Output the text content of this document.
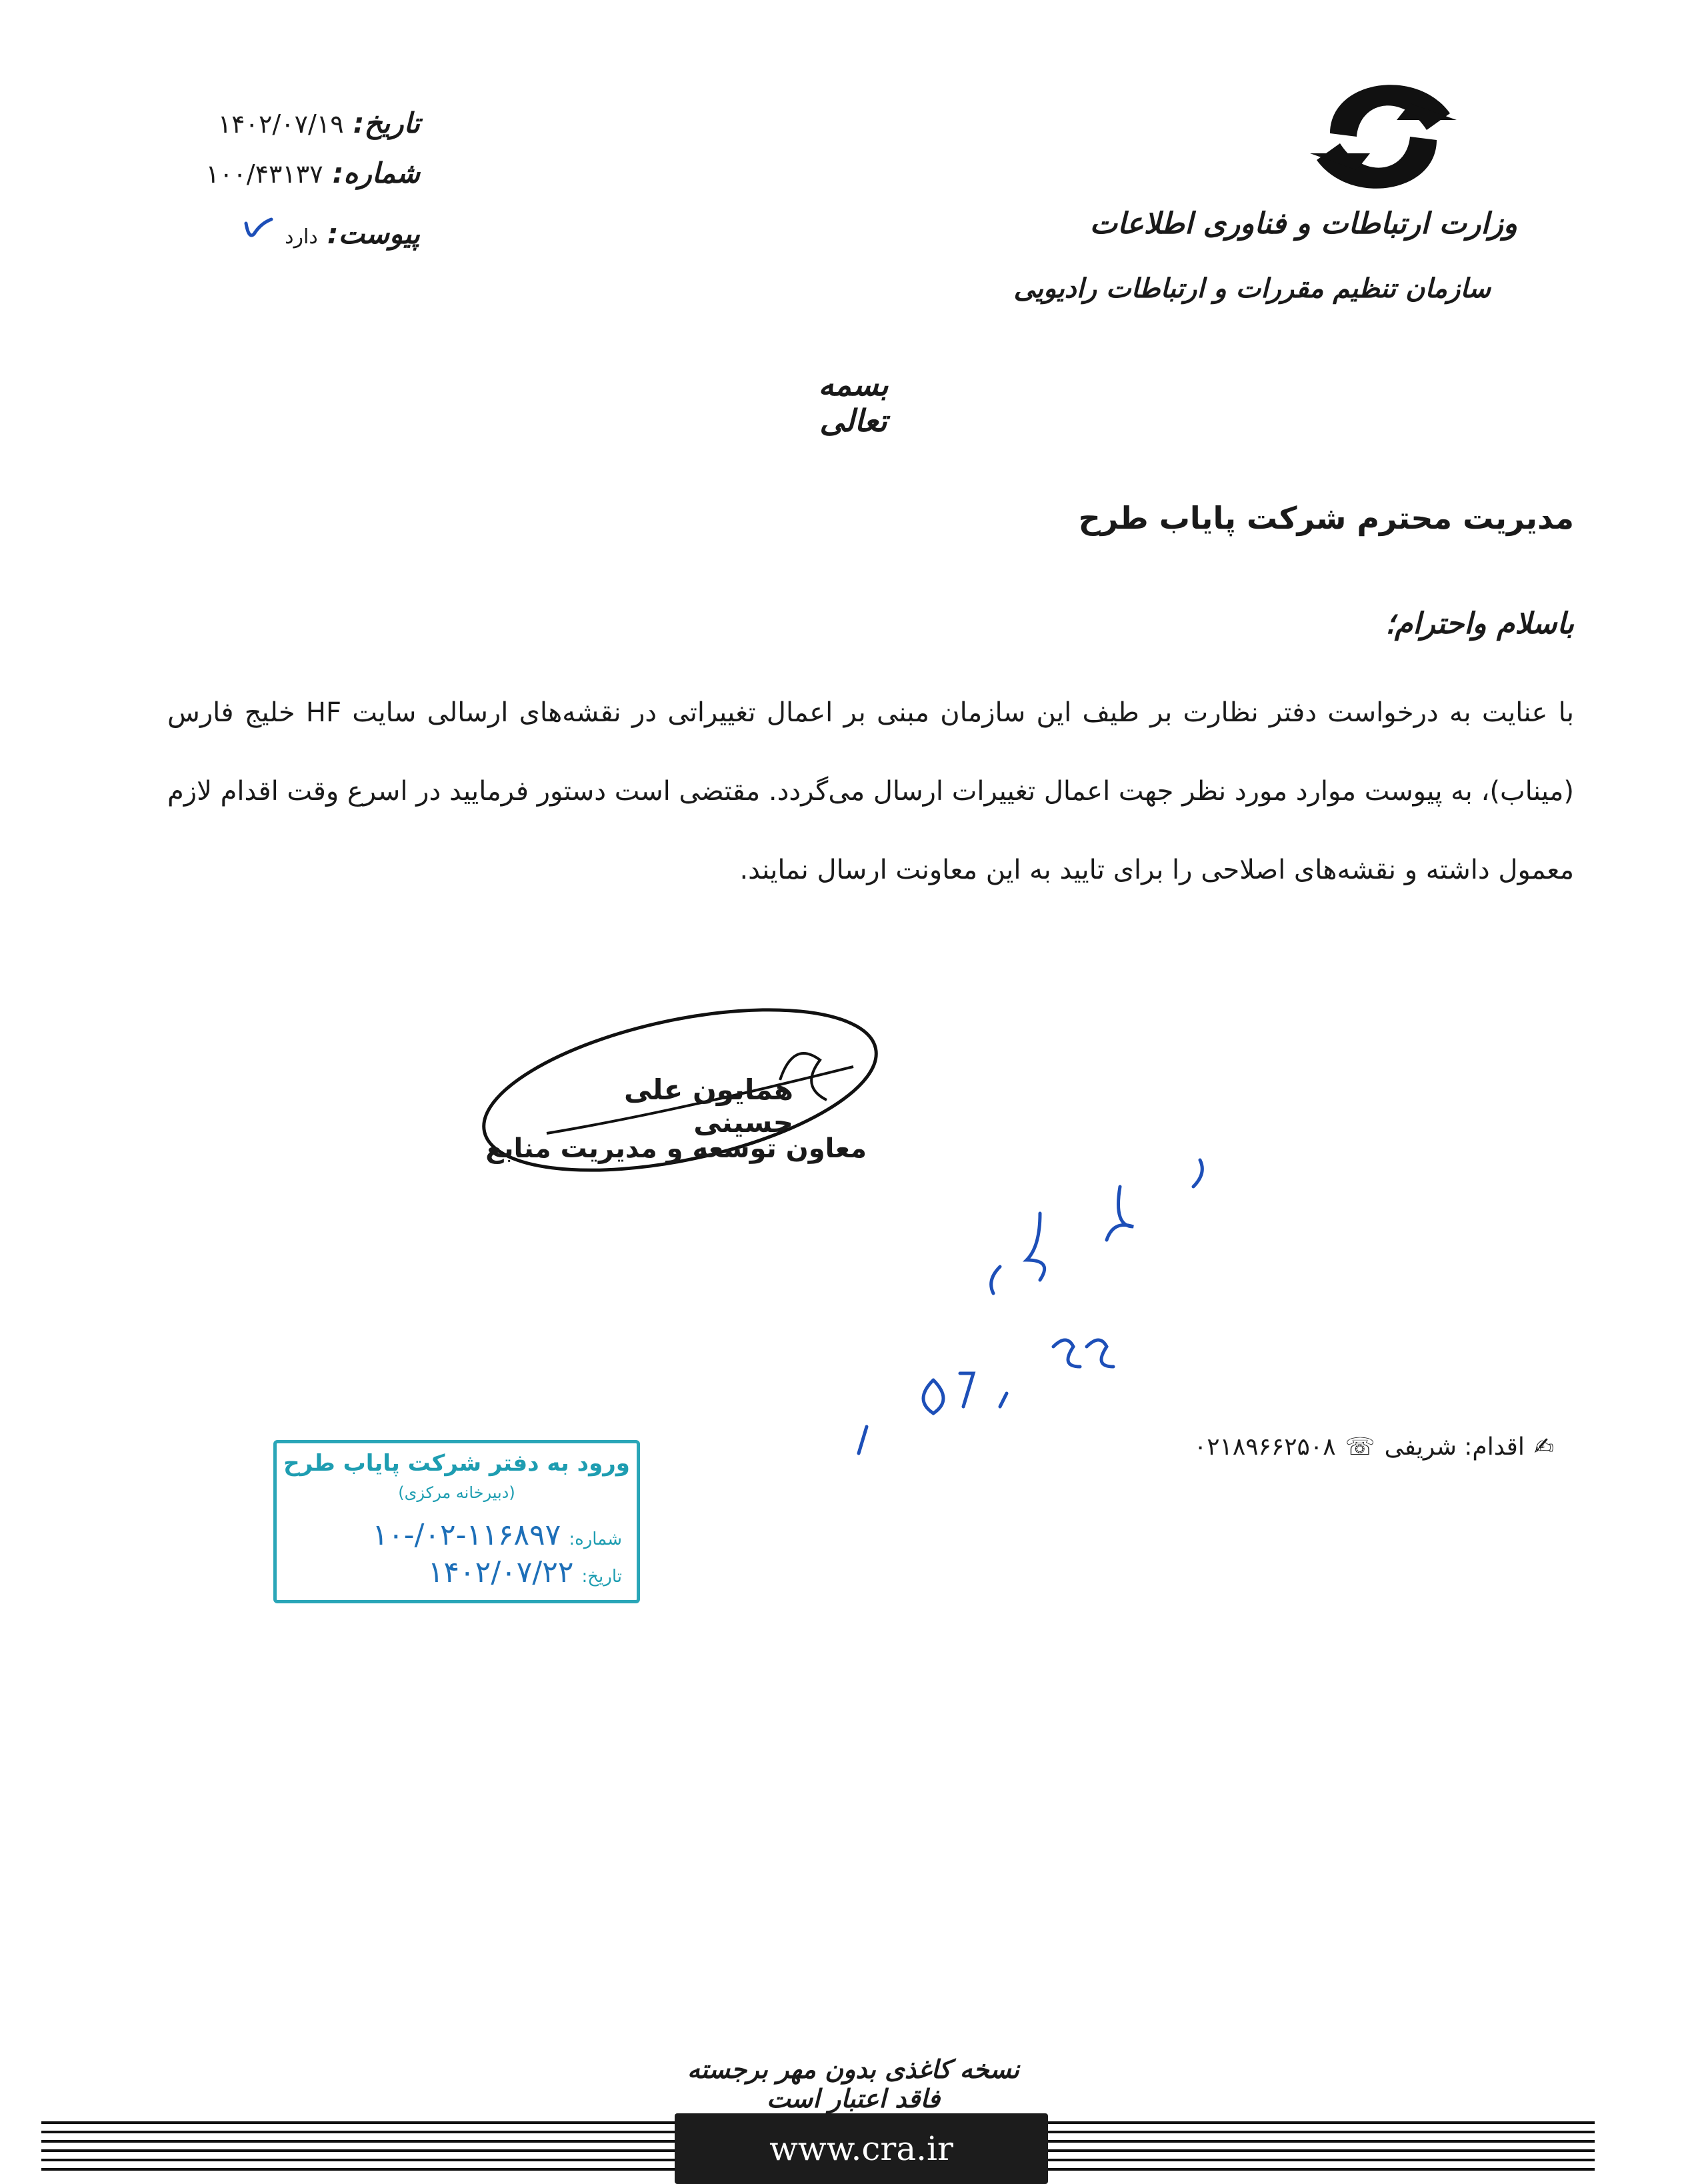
وزارت ارتباطات و فناوری اطلاعات
سازمان تنظیم مقررات و ارتباطات رادیویی
تاریخ:
۱۴۰۲/۰۷/۱۹
شماره:
۱۰۰/۴۳۱۳۷
پیوست:
دارد
بسمه تعالی
مدیریت محترم شرکت پایاب طرح
باسلام واحترام؛

با عنایت به درخواست دفتر نظارت بر طیف این سازمان مبنی بر اعمال تغییراتی در نقشه‌های ارسالی سایت HF خلیج فارس (میناب)، به پیوست موارد مورد نظر جهت اعمال تغییرات ارسال می‌گردد. مقتضی است دستور فرمایید در اسرع وقت اقدام لازم معمول داشته و نقشه‌های اصلاحی را برای تایید به این معاونت ارسال نمایند.

همایون علی حسینی
معاون توسعه و مدیریت منابع
✍
اقدام: شریفی
☏
۰۲۱۸۹۶۶۲۵۰۸
ورود به دفتر شرکت پایاب طرح
(دبیرخانه مرکزی)
شماره:
۱۰-/۰۲-۱۱۶۸۹۷
تاریخ:
۱۴۰۲/۰۷/۲۲
نسخه کاغذی بدون مهر برجسته فاقد اعتبار است
www.cra.ir
